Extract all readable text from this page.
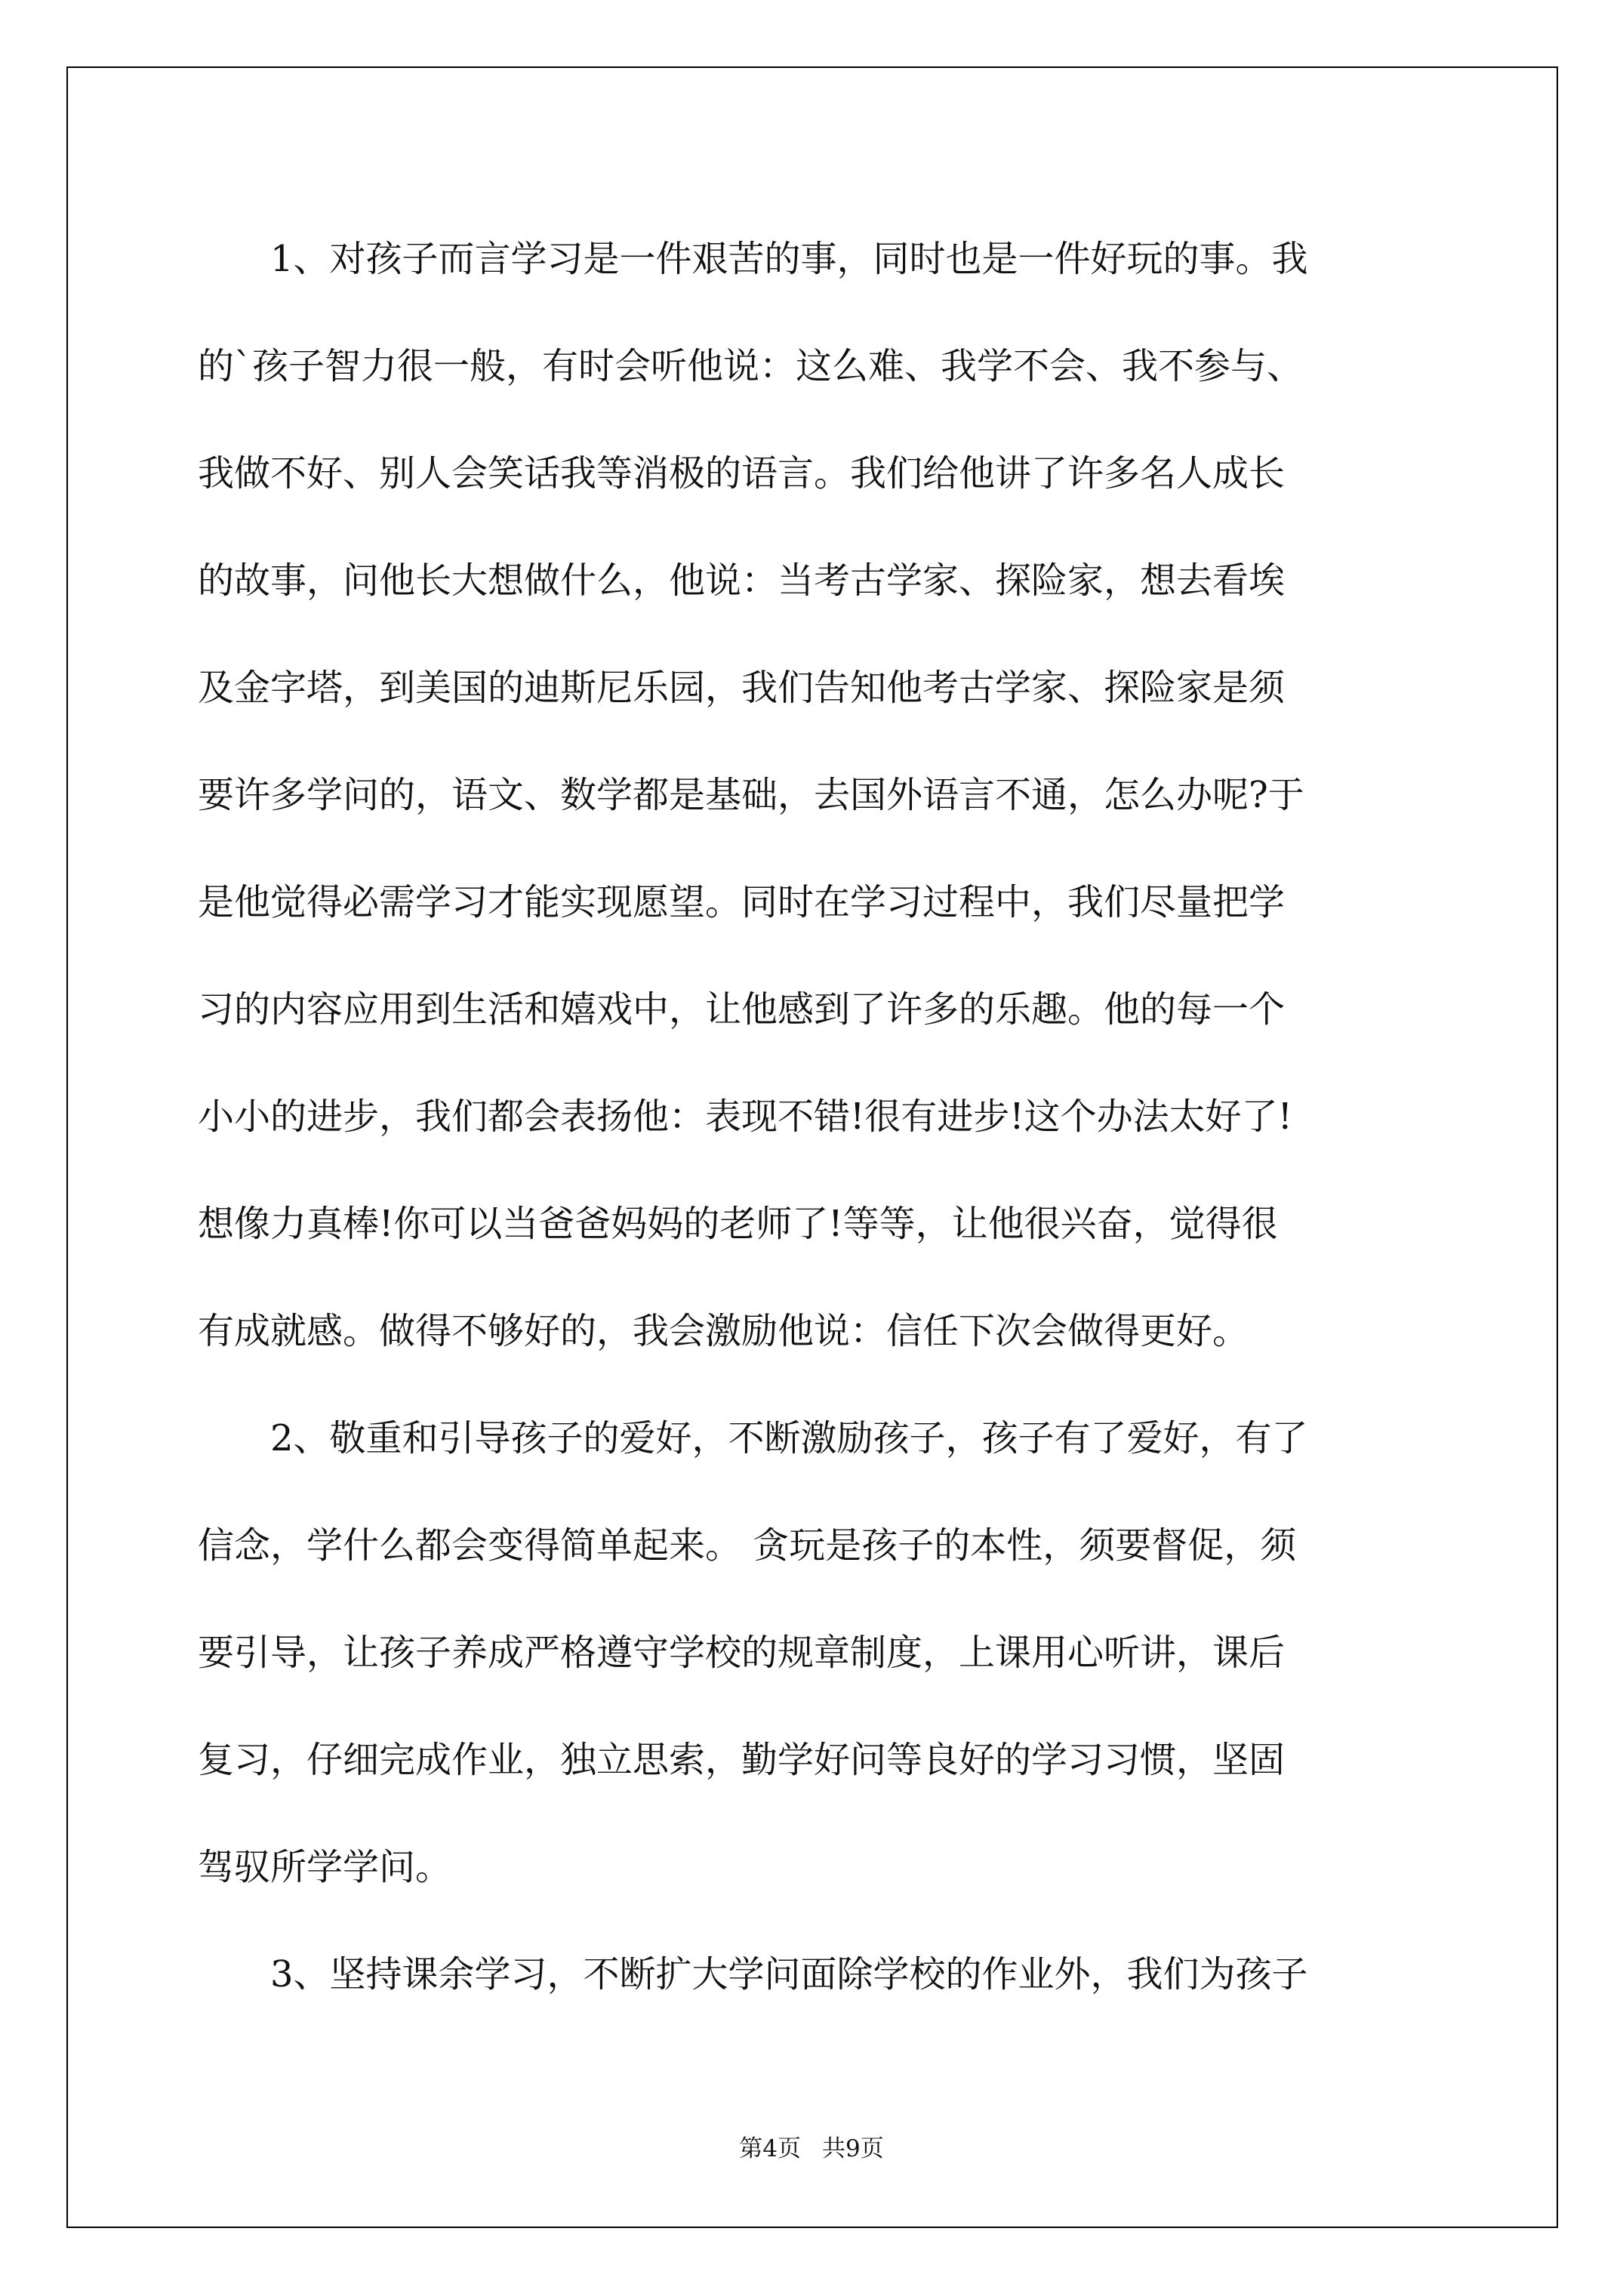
1、对孩子而言学习是一件艰苦的事，同时也是一件好玩的事。我
的`孩子智力很一般，有时会听他说：这么难、我学不会、我不参与、
我做不好、别人会笑话我等消极的语言。我们给他讲了许多名人成长
的故事，问他长大想做什么，他说：当考古学家、探险家，想去看埃
及金字塔，到美国的迪斯尼乐园，我们告知他考古学家、探险家是须
要许多学问的，语文、数学都是基础，去国外语言不通，怎么办呢?于
是他觉得必需学习才能实现愿望。同时在学习过程中，我们尽量把学
习的内容应用到生活和嬉戏中，让他感到了许多的乐趣。他的每一个
小小的进步，我们都会表扬他：表现不错!很有进步!这个办法太好了!
想像力真棒!你可以当爸爸妈妈的老师了!等等，让他很兴奋，觉得很
有成就感。做得不够好的，我会激励他说：信任下次会做得更好。
2、敬重和引导孩子的爱好，不断激励孩子，孩子有了爱好，有了
信念，学什么都会变得简单起来。 贪玩是孩子的本性，须要督促，须
要引导，让孩子养成严格遵守学校的规章制度，上课用心听讲，课后
复习，仔细完成作业，独立思索，勤学好问等良好的学习习惯，坚固
驾驭所学学问。
3、坚持课余学习，不断扩大学问面除学校的作业外，我们为孩子
第4页 共9页
